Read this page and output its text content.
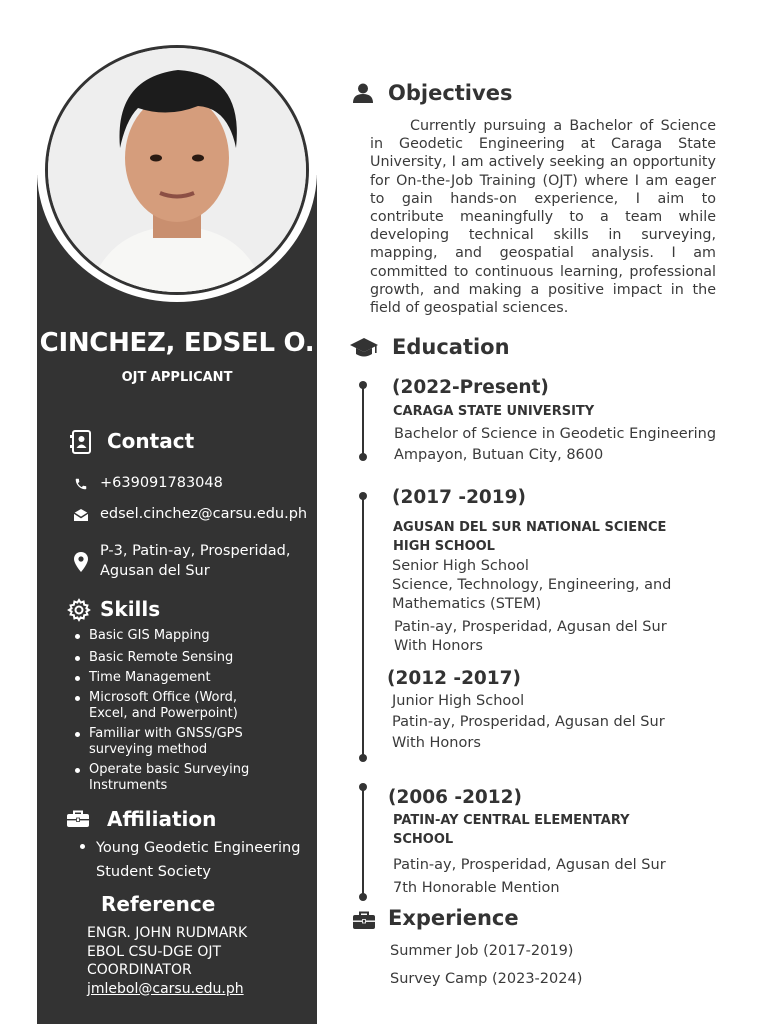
CINCHEZ, EDSEL O.
OJT APPLICANT
Contact
+639091783048
edsel.cinchez@carsu.edu.ph
P-3, Patin-ay, Prosperidad,
Agusan del Sur
Skills
Basic GIS Mapping
Basic Remote Sensing
Time Management
Microsoft Office (Word, Excel, and Powerpoint)
Familiar with GNSS/GPS surveying method
Operate basic Surveying Instruments
Affiliation
Young Geodetic Engineering Student Society
Reference
ENGR. JOHN RUDMARK
EBOL CSU-DGE OJT
COORDINATOR
jmlebol@carsu.edu.ph
Objectives

Currently pursuing a Bachelor of Science in Geodetic Engineering at Caraga State University, I am actively seeking an opportunity for On-the-Job Training (OJT) where I am eager to gain hands-on experience, I aim to contribute meaningfully to a team while developing technical skills in surveying, mapping, and geospatial analysis. I am committed to continuous learning, professional growth, and making a positive impact in the field of geospatial sciences.

Education
(2022-Present)
CARAGA STATE UNIVERSITY
Bachelor of Science in Geodetic Engineering
Ampayon, Butuan City, 8600
(2017 -2019)
AGUSAN DEL SUR NATIONAL SCIENCE
HIGH SCHOOL
Senior High School
Science, Technology, Engineering, and
Mathematics (STEM)
Patin-ay, Prosperidad, Agusan del Sur
With Honors
(2012 -2017)
Junior High School
Patin-ay, Prosperidad, Agusan del Sur
With Honors
(2006 -2012)
PATIN-AY CENTRAL ELEMENTARY
SCHOOL
Patin-ay, Prosperidad, Agusan del Sur
7th Honorable Mention
Experience
Summer Job (2017-2019)
Survey Camp (2023-2024)
